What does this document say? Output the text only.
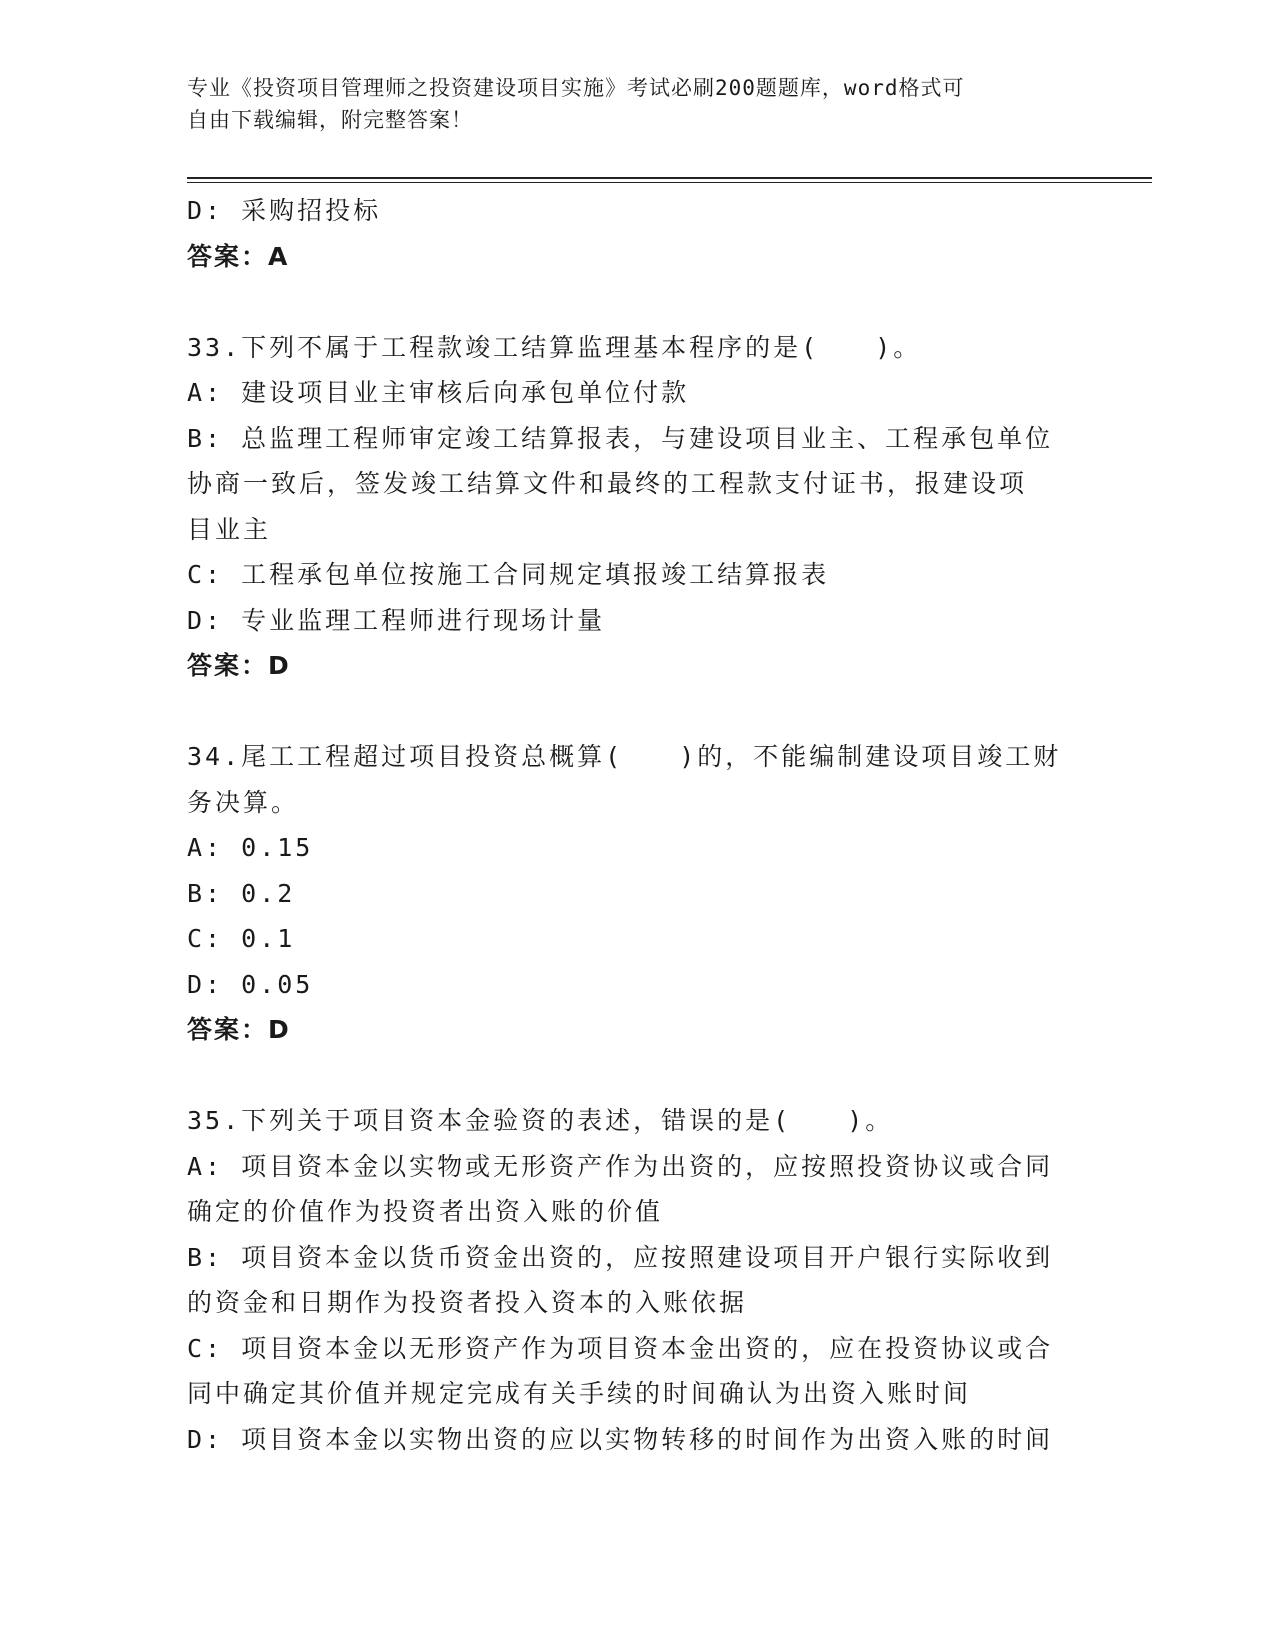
专业《投资项目管理师之投资建设项目实施》考试必刷200题题库，word格式可
自由下载编辑，附完整答案！
D: 采购招投标
答案：A
33.下列不属于工程款竣工结算监理基本程序的是(　　)。
A: 建设项目业主审核后向承包单位付款
B: 总监理工程师审定竣工结算报表，与建设项目业主、工程承包单位
协商一致后，签发竣工结算文件和最终的工程款支付证书，报建设项
目业主
C: 工程承包单位按施工合同规定填报竣工结算报表
D: 专业监理工程师进行现场计量
答案：D
34.尾工工程超过项目投资总概算(　　)的，不能编制建设项目竣工财
务决算。
A: 0.15
B: 0.2
C: 0.1
D: 0.05
答案：D
35.下列关于项目资本金验资的表述，错误的是(　　)。
A: 项目资本金以实物或无形资产作为出资的，应按照投资协议或合同
确定的价值作为投资者出资入账的价值
B: 项目资本金以货币资金出资的，应按照建设项目开户银行实际收到
的资金和日期作为投资者投入资本的入账依据
C: 项目资本金以无形资产作为项目资本金出资的，应在投资协议或合
同中确定其价值并规定完成有关手续的时间确认为出资入账时间
D: 项目资本金以实物出资的应以实物转移的时间作为出资入账的时间
